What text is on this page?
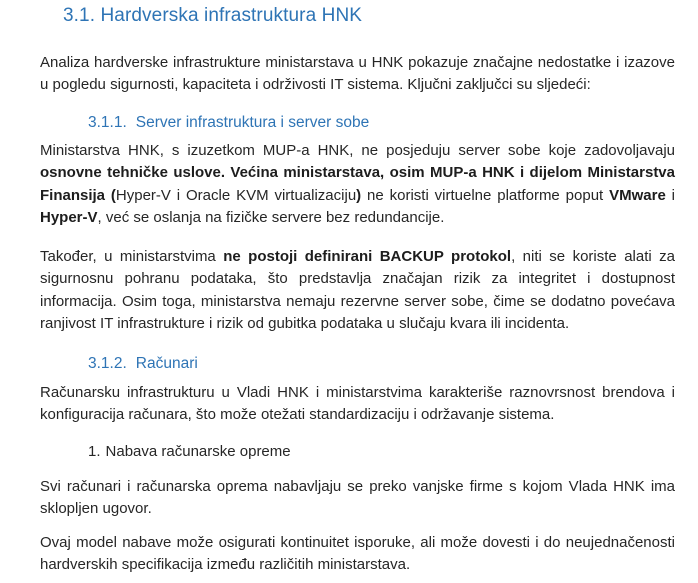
3.1. Hardverska infrastruktura HNK

Analiza hardverske infrastrukture ministarstava u HNK pokazuje značajne nedostatke i izazove u pogledu sigurnosti, kapaciteta i održivosti IT sistema. Ključni zaključci su sljedeći:

3.1.1. Server infrastruktura i server sobe

Ministarstva HNK, s izuzetkom MUP-a HNK, ne posjeduju server sobe koje zadovoljavaju osnovne tehničke uslove. Većina ministarstava, osim MUP-a HNK i dijelom Ministarstva Finansija (Hyper-V i Oracle KVM virtualizaciju) ne koristi virtuelne platforme poput VMware i Hyper-V, već se oslanja na fizičke servere bez redundancije.

Također, u ministarstvima ne postoji definirani BACKUP protokol, niti se koriste alati za sigurnosnu pohranu podataka, što predstavlja značajan rizik za integritet i dostupnost informacija. Osim toga, ministarstva nemaju rezervne server sobe, čime se dodatno povećava ranjivost IT infrastrukture i rizik od gubitka podataka u slučaju kvara ili incidenta.

3.1.2. Računari

Računarsku infrastrukturu u Vladi HNK i ministarstvima karakteriše raznovrsnost brendova i konfiguracija računara, što može otežati standardizaciju i održavanje sistema.

1. Nabava računarske opreme

Svi računari i računarska oprema nabavljaju se preko vanjske firme s kojom Vlada HNK ima sklopljen ugovor.

Ovaj model nabave može osigurati kontinuitet isporuke, ali može dovesti i do neujednačenosti hardverskih specifikacija između različitih ministarstava.
